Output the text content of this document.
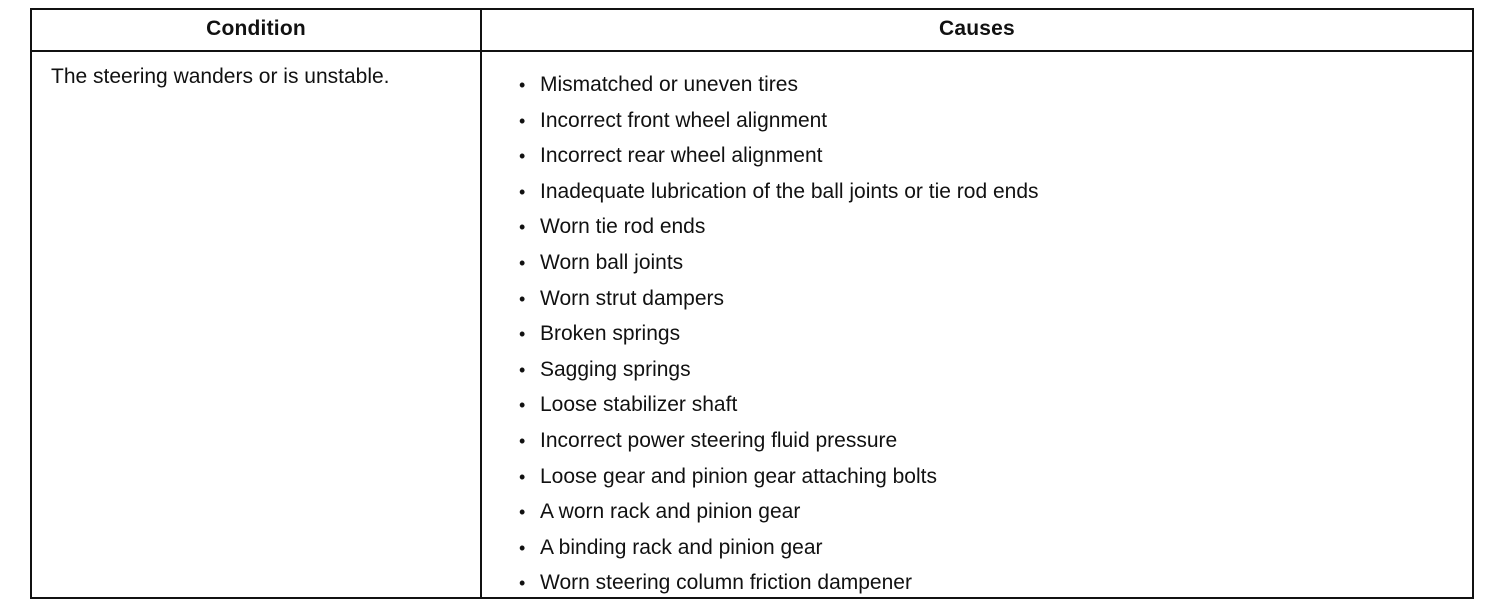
Condition	Causes
The steering wanders or is unstable.	• Mismatched or uneven tires
• Incorrect front wheel alignment
• Incorrect rear wheel alignment
• Inadequate lubrication of the ball joints or tie rod ends
• Worn tie rod ends
• Worn ball joints
• Worn strut dampers
• Broken springs
• Sagging springs
• Loose stabilizer shaft
• Incorrect power steering fluid pressure
• Loose gear and pinion gear attaching bolts
• A worn rack and pinion gear
• A binding rack and pinion gear
• Worn steering column friction dampener
